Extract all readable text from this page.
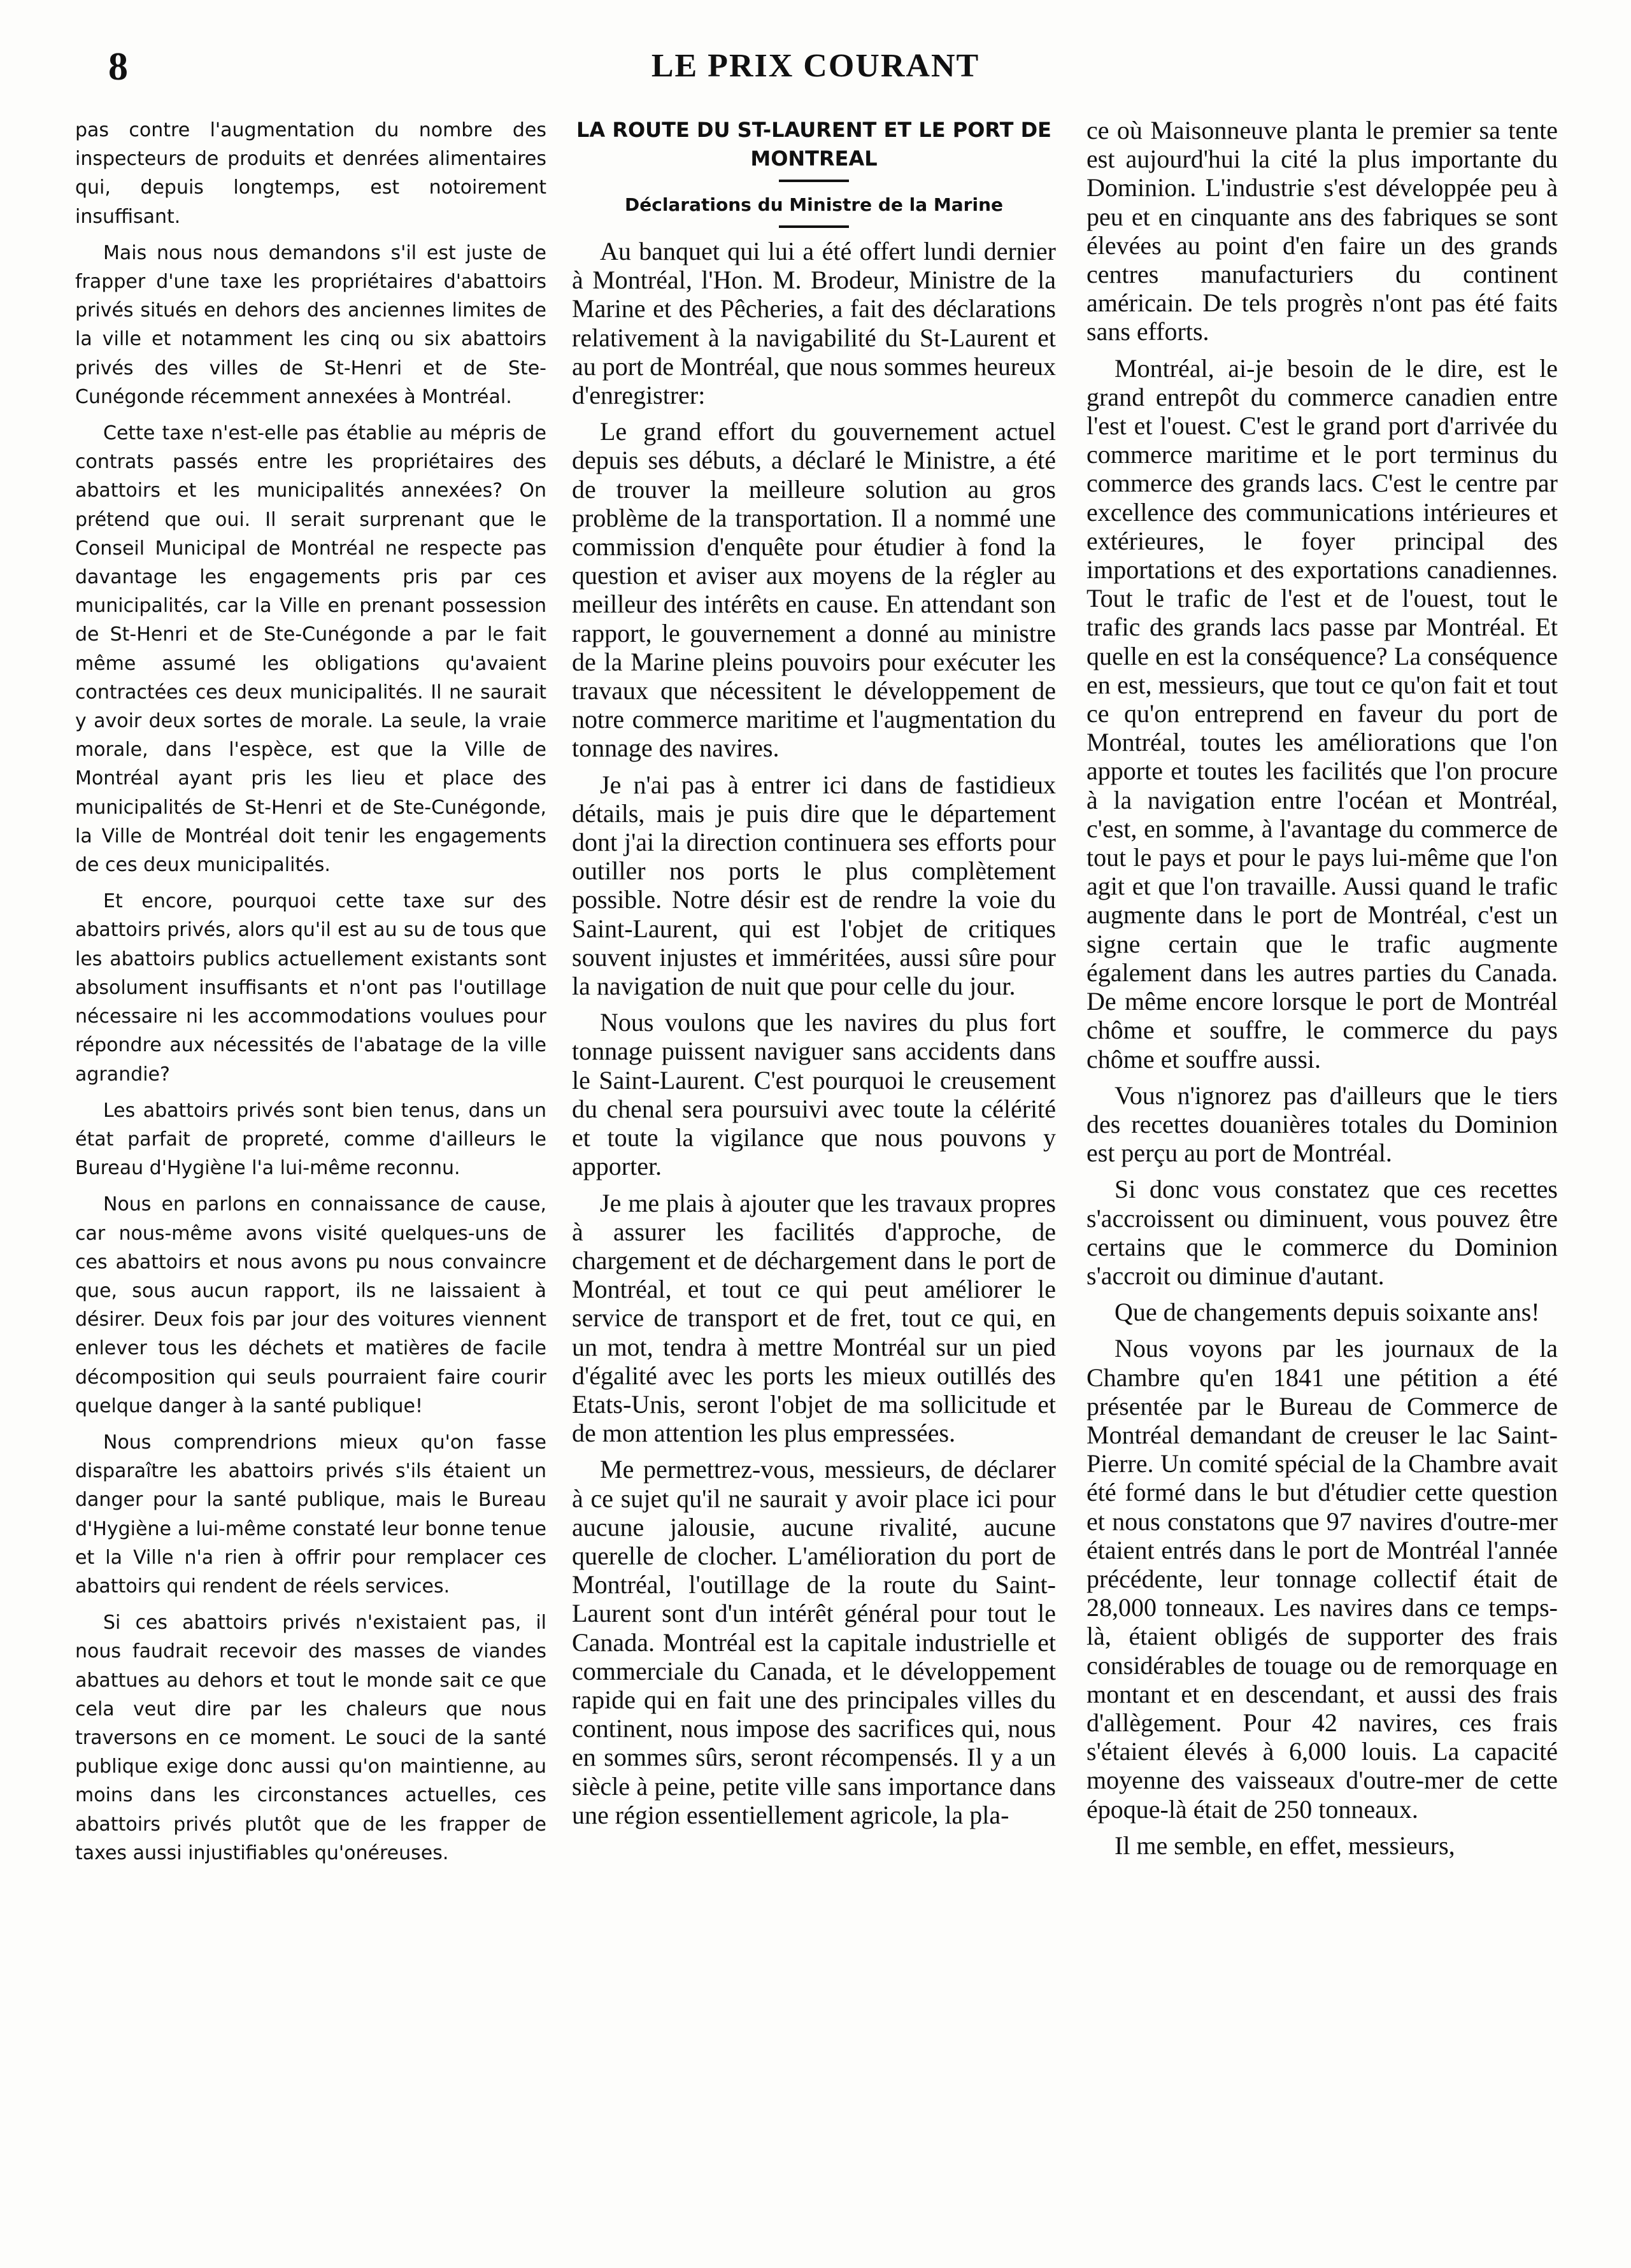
8	LE PRIX COURANT

pas contre l'augmentation du nombre des inspecteurs de produits et denrées alimentaires qui, depuis longtemps, est notoirement insuffisant.

Mais nous nous demandons s'il est juste de frapper d'une taxe les propriétaires d'abattoirs privés situés en dehors des anciennes limites de la ville et notamment les cinq ou six abattoirs privés des villes de St-Henri et de Ste-Cunégonde récemment annexées à Montréal.

Cette taxe n'est-elle pas établie au mépris de contrats passés entre les propriétaires des abattoirs et les municipalités annexées? On prétend que oui. Il serait surprenant que le Conseil Municipal de Montréal ne respecte pas davantage les engagements pris par ces municipalités, car la Ville en prenant possession de St-Henri et de Ste-Cunégonde a par le fait même assumé les obligations qu'avaient contractées ces deux municipalités. Il ne saurait y avoir deux sortes de morale. La seule, la vraie morale, dans l'espèce, est que la Ville de Montréal ayant pris les lieu et place des municipalités de St-Henri et de Ste-Cunégonde, la Ville de Montréal doit tenir les engagements de ces deux municipalités.

Et encore, pourquoi cette taxe sur des abattoirs privés, alors qu'il est au su de tous que les abattoirs publics actuellement existants sont absolument insuffisants et n'ont pas l'outillage nécessaire ni les accommodations voulues pour répondre aux nécessités de l'abatage de la ville agrandie?

Les abattoirs privés sont bien tenus, dans un état parfait de propreté, comme d'ailleurs le Bureau d'Hygiène l'a lui-même reconnu.

Nous en parlons en connaissance de cause, car nous-même avons visité quelques-uns de ces abattoirs et nous avons pu nous convaincre que, sous aucun rapport, ils ne laissaient à désirer. Deux fois par jour des voitures viennent enlever tous les déchets et matières de facile décomposition qui seuls pourraient faire courir quelque danger à la santé publique!

Nous comprendrions mieux qu'on fasse disparaître les abattoirs privés s'ils étaient un danger pour la santé publique, mais le Bureau d'Hygiène a lui-même constaté leur bonne tenue et la Ville n'a rien à offrir pour remplacer ces abattoirs qui rendent de réels services.

Si ces abattoirs privés n'existaient pas, il nous faudrait recevoir des masses de viandes abattues au dehors et tout le monde sait ce que cela veut dire par les chaleurs que nous traversons en ce moment. Le souci de la santé publique exige donc aussi qu'on maintienne, au moins dans les circonstances actuelles, ces abattoirs privés plutôt que de les frapper de taxes aussi injustifiables qu'onéreuses.

LA ROUTE DU ST-LAURENT ET LE PORT DE MONTREAL
Déclarations du Ministre de la Marine

Au banquet qui lui a été offert lundi dernier à Montréal, l'Hon. M. Brodeur, Ministre de la Marine et des Pêcheries, a fait des déclarations relativement à la navigabilité du St-Laurent et au port de Montréal, que nous sommes heureux d'enregistrer:

Le grand effort du gouvernement actuel depuis ses débuts, a déclaré le Ministre, a été de trouver la meilleure solution au gros problème de la transportation. Il a nommé une commission d'enquête pour étudier à fond la question et aviser aux moyens de la régler au meilleur des intérêts en cause. En attendant son rapport, le gouvernement a donné au ministre de la Marine pleins pouvoirs pour exécuter les travaux que nécessitent le développement de notre commerce maritime et l'augmentation du tonnage des navires.

Je n'ai pas à entrer ici dans de fastidieux détails, mais je puis dire que le département dont j'ai la direction continuera ses efforts pour outiller nos ports le plus complètement possible. Notre désir est de rendre la voie du Saint-Laurent, qui est l'objet de critiques souvent injustes et imméritées, aussi sûre pour la navigation de nuit que pour celle du jour.

Nous voulons que les navires du plus fort tonnage puissent naviguer sans accidents dans le Saint-Laurent. C'est pourquoi le creusement du chenal sera poursuivi avec toute la célérité et toute la vigilance que nous pouvons y apporter.

Je me plais à ajouter que les travaux propres à assurer les facilités d'approche, de chargement et de déchargement dans le port de Montréal, et tout ce qui peut améliorer le service de transport et de fret, tout ce qui, en un mot, tendra à mettre Montréal sur un pied d'égalité avec les ports les mieux outillés des Etats-Unis, seront l'objet de ma sollicitude et de mon attention les plus empressées.

Me permettrez-vous, messieurs, de déclarer à ce sujet qu'il ne saurait y avoir place ici pour aucune jalousie, aucune rivalité, aucune querelle de clocher. L'amélioration du port de Montréal, l'outillage de la route du Saint-Laurent sont d'un intérêt général pour tout le Canada. Montréal est la capitale industrielle et commerciale du Canada, et le développement rapide qui en fait une des principales villes du continent, nous impose des sacrifices qui, nous en sommes sûrs, seront récompensés. Il y a un siècle à peine, petite ville sans importance dans une région essentiellement agricole, la pla-

ce où Maisonneuve planta le premier sa tente est aujourd'hui la cité la plus importante du Dominion. L'industrie s'est développée peu à peu et en cinquante ans des fabriques se sont élevées au point d'en faire un des grands centres manufacturiers du continent américain. De tels progrès n'ont pas été faits sans efforts.

Montréal, ai-je besoin de le dire, est le grand entrepôt du commerce canadien entre l'est et l'ouest. C'est le grand port d'arrivée du commerce maritime et le port terminus du commerce des grands lacs. C'est le centre par excellence des communications intérieures et extérieures, le foyer principal des importations et des exportations canadiennes. Tout le trafic de l'est et de l'ouest, tout le trafic des grands lacs passe par Montréal. Et quelle en est la conséquence? La conséquence en est, messieurs, que tout ce qu'on fait et tout ce qu'on entreprend en faveur du port de Montréal, toutes les améliorations que l'on apporte et toutes les facilités que l'on procure à la navigation entre l'océan et Montréal, c'est, en somme, à l'avantage du commerce de tout le pays et pour le pays lui-même que l'on agit et que l'on travaille. Aussi quand le trafic augmente dans le port de Montréal, c'est un signe certain que le trafic augmente également dans les autres parties du Canada. De même encore lorsque le port de Montréal chôme et souffre, le commerce du pays chôme et souffre aussi.

Vous n'ignorez pas d'ailleurs que le tiers des recettes douanières totales du Dominion est perçu au port de Montréal.

Si donc vous constatez que ces recettes s'accroissent ou diminuent, vous pouvez être certains que le commerce du Dominion s'accroit ou diminue d'autant.

Que de changements depuis soixante ans!

Nous voyons par les journaux de la Chambre qu'en 1841 une pétition a été présentée par le Bureau de Commerce de Montréal demandant de creuser le lac Saint-Pierre. Un comité spécial de la Chambre avait été formé dans le but d'étudier cette question et nous constatons que 97 navires d'outre-mer étaient entrés dans le port de Montréal l'année précédente, leur tonnage collectif était de 28,000 tonneaux. Les navires dans ce temps-là, étaient obligés de supporter des frais considérables de touage ou de remorquage en montant et en descendant, et aussi des frais d'allègement. Pour 42 navires, ces frais s'étaient élevés à 6,000 louis. La capacité moyenne des vaisseaux d'outre-mer de cette époque-là était de 250 tonneaux.

Il me semble, en effet, messieurs,
